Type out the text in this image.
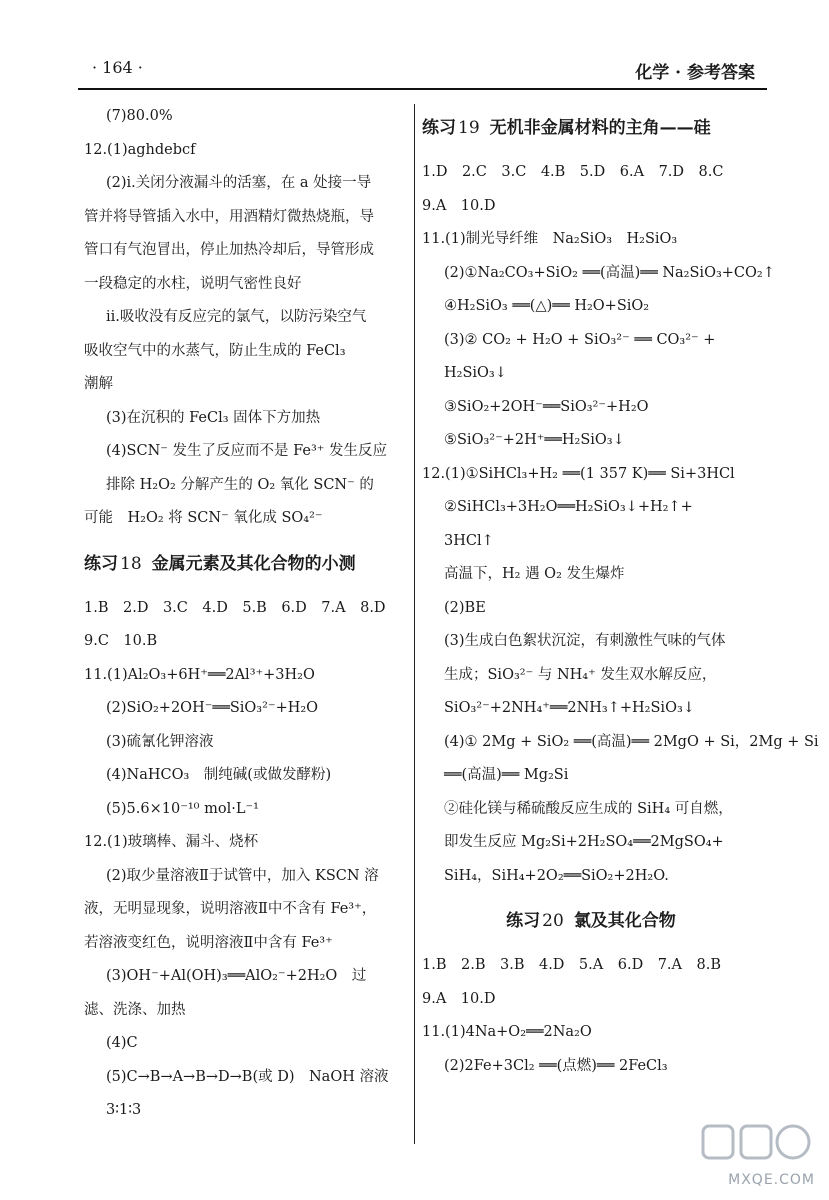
· 164 ·	化学 · 参考答案
(7)80.0%
12.(1)aghdebcf
(2)ⅰ.关闭分液漏斗的活塞，在 a 处接一导
管并将导管插入水中，用酒精灯微热烧瓶，导
管口有气泡冒出，停止加热冷却后，导管形成
一段稳定的水柱，说明气密性良好
ⅱ.吸收没有反应完的氯气，以防污染空气
吸收空气中的水蒸气，防止生成的 FeCl₃
潮解
(3)在沉积的 FeCl₃ 固体下方加热
(4)SCN⁻ 发生了反应而不是 Fe³⁺ 发生反应
排除 H₂O₂ 分解产生的 O₂ 氧化 SCN⁻ 的
可能　H₂O₂ 将 SCN⁻ 氧化成 SO₄²⁻
练习 18 金属元素及其化合物的小测
1.B　2.D　3.C　4.D　5.B　6.D　7.A　8.D
9.C　10.B
11.(1)Al₂O₃+6H⁺══2Al³⁺+3H₂O
(2)SiO₂+2OH⁻══SiO₃²⁻+H₂O
(3)硫氰化钾溶液
(4)NaHCO₃　制纯碱(或做发酵粉)
(5)5.6×10⁻¹⁰ mol·L⁻¹
12.(1)玻璃棒、漏斗、烧杯
(2)取少量溶液Ⅱ于试管中，加入 KSCN 溶
液，无明显现象，说明溶液Ⅱ中不含有 Fe³⁺，
若溶液变红色，说明溶液Ⅱ中含有 Fe³⁺
(3)OH⁻+Al(OH)₃══AlO₂⁻+2H₂O　过
滤、洗涤、加热
(4)C
(5)C→B→A→B→D→B(或 D)　NaOH 溶液
3∶1∶3
练习 19 无机非金属材料的主角——硅
1.D　2.C　3.C　4.B　5.D　6.A　7.D　8.C
9.A　10.D
11.(1)制光导纤维　Na₂SiO₃　H₂SiO₃
(2)①Na₂CO₃+SiO₂ ══(高温)══ Na₂SiO₃+CO₂↑
④H₂SiO₃ ══(△)══ H₂O+SiO₂
(3)② CO₂ + H₂O + SiO₃²⁻ ══ CO₃²⁻ +
H₂SiO₃↓
③SiO₂+2OH⁻══SiO₃²⁻+H₂O
⑤SiO₃²⁻+2H⁺══H₂SiO₃↓
12.(1)①SiHCl₃+H₂ ══(1 357 K)══ Si+3HCl
②SiHCl₃+3H₂O══H₂SiO₃↓+H₂↑+
3HCl↑
高温下，H₂ 遇 O₂ 发生爆炸
(2)BE
(3)生成白色絮状沉淀，有刺激性气味的气体
生成；SiO₃²⁻ 与 NH₄⁺ 发生双水解反应，
SiO₃²⁻+2NH₄⁺══2NH₃↑+H₂SiO₃↓
(4)① 2Mg + SiO₂ ══(高温)══ 2MgO + Si，2Mg + Si
══(高温)══ Mg₂Si
②硅化镁与稀硫酸反应生成的 SiH₄ 可自燃，
即发生反应 Mg₂Si+2H₂SO₄══2MgSO₄+
SiH₄，SiH₄+2O₂══SiO₂+2H₂O.
练习 20 氯及其化合物
1.B　2.B　3.B　4.D　5.A　6.D　7.A　8.B
9.A　10.D
11.(1)4Na+O₂══2Na₂O
(2)2Fe+3Cl₂ ══(点燃)══ 2FeCl₃
MXQE.COM
